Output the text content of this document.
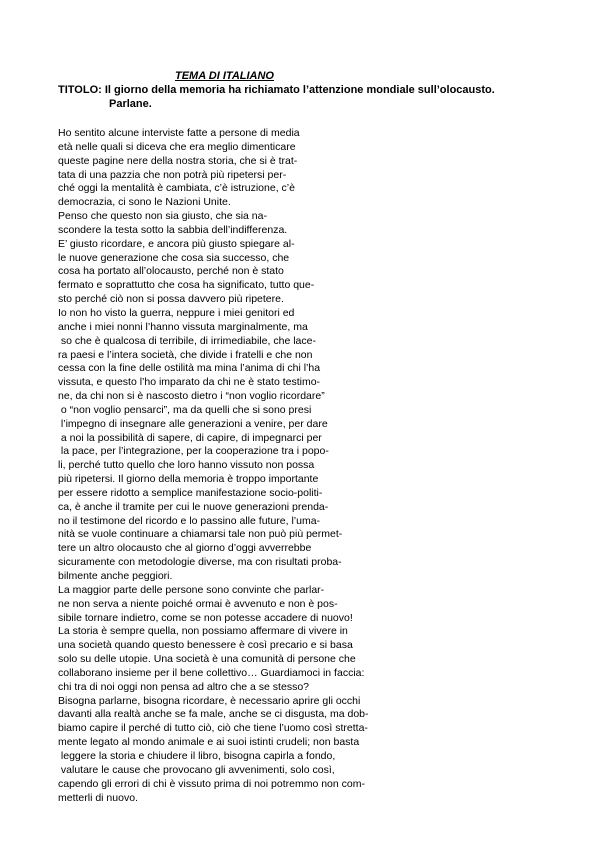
TEMA DI ITALIANO
TITOLO: Il giorno della memoria ha richiamato l’attenzione mondiale sull’olocausto.
Parlane.
Ho sentito alcune interviste fatte a persone di media
età nelle quali si diceva che era meglio dimenticare
queste pagine nere della nostra storia, che si è trat-
tata di una pazzia che non potrà più ripetersi per-
ché oggi la mentalità è cambiata, c’è istruzione, c’è
democrazia, ci sono le Nazioni Unite.
Penso che questo non sia giusto, che sia na-
scondere la testa sotto la sabbia dell’indifferenza.
E’ giusto ricordare, e ancora più giusto spiegare al-
le nuove generazione che cosa sia successo, che
cosa ha portato all’olocausto, perché non è stato
fermato e soprattutto che cosa ha significato, tutto que-
sto perché ciò non si possa davvero più ripetere.
Io non ho visto la guerra, neppure i miei genitori ed
anche i miei nonni l’hanno vissuta marginalmente, ma
so che è qualcosa di terribile, di irrimediabile, che lace-
ra paesi e l’intera società, che divide i fratelli e che non
cessa con la fine delle ostilità ma mina l’anima di chi l’ha
vissuta, e questo l’ho imparato da chi ne è stato testimo-
ne, da chi non si è nascosto dietro i “non voglio ricordare”
o “non voglio pensarci”, ma da quelli che si sono presi
l’impegno di insegnare alle generazioni a venire, per dare
a noi la possibilità di sapere, di capire, di impegnarci per
la pace, per l’integrazione, per la cooperazione tra i popo-
li, perché tutto quello che loro hanno vissuto non possa
più ripetersi. Il giorno della memoria è troppo importante
per essere ridotto a semplice manifestazione socio-politi-
ca, è anche il tramite per cui le nuove generazioni prenda-
no il testimone del ricordo e lo passino alle future, l’uma-
nità se vuole continuare a chiamarsi tale non può più permet-
tere un altro olocausto che al giorno d’oggi avverrebbe
sicuramente con metodologie diverse, ma con risultati proba-
bilmente anche peggiori.
La maggior parte delle persone sono convinte che parlar-
ne non serva a niente poiché ormai è avvenuto e non è pos-
sibile tornare indietro, come se non potesse accadere di nuovo!
La storia è sempre quella, non possiamo affermare di vivere in
una società quando questo benessere è così precario e si basa
solo su delle utopie. Una società è una comunità di persone che
collaborano insieme per il bene collettivo… Guardiamoci in faccia:
chi tra di noi oggi non pensa ad altro che a se stesso?
Bisogna parlarne, bisogna ricordare, è necessario aprire gli occhi
davanti alla realtà anche se fa male, anche se ci disgusta, ma dob-
biamo capire il perché di tutto ciò, ciò che tiene l’uomo così stretta-
mente legato al mondo animale e ai suoi istinti crudeli; non basta
leggere la storia e chiudere il libro, bisogna capirla a fondo,
valutare le cause che provocano gli avvenimenti, solo così,
capendo gli errori di chi è vissuto prima di noi potremmo non com-
metterli di nuovo.
